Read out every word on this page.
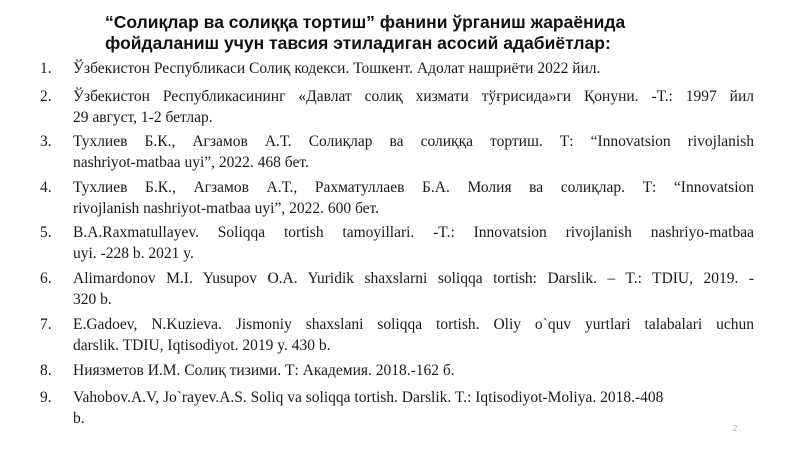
“Солиқлар ва солиққа тортиш” фанини ўрганиш жараёнида
фойдаланиш учун тавсия этиладиган асосий адабиётлар:
1.	Ўзбекистон Республикаси Солиқ кодекси. Тошкент. Адолат нашриёти 2022 йил.
2.	Ўзбекистон Республикасининг «Давлат солиқ хизмати тўғрисида»ги Қонуни. -Т.: 1997 йил
29 август, 1-2 бетлар.
3.	Тухлиев Б.К., Агзамов А.Т. Солиқлар ва солиққа тортиш. Т: “Innovatsion rivojlanish
nashriyot-matbaa uyi”, 2022. 468 бет.
4.	Тухлиев Б.К., Агзамов А.Т., Рахматуллаев Б.А. Молия ва солиқлар. Т: “Innovatsion
rivojlanish nashriyot-matbaa uyi”, 2022. 600 бет.
5.	B.A.Raxmatullayev. Soliqqa tortish tamoyillari. -T.: Innovatsion rivojlanish nashriyo-matbaa
uyi. -228 b. 2021 y.
6.	Alimardonov M.I. Yusupov O.A. Yuridik shaxslarni soliqqa tortish: Darslik. – T.: TDIU, 2019. -
320 b.
7.	E.Gadoev, N.Kuzieva. Jismoniy shaxslani soliqqa tortish. Oliy o`quv yurtlari talabalari uchun
darslik. TDIU, Iqtisodiyot. 2019 y. 430 b.
8.	Ниязметов И.М. Солиқ тизими. Т: Академия. 2018.-162 б.
9.	Vahobov.A.V, Jo`rayev.A.S. Soliq va soliqqa tortish. Darslik. T.: Iqtisodiyot-Moliya. 2018.-408
b.
2
